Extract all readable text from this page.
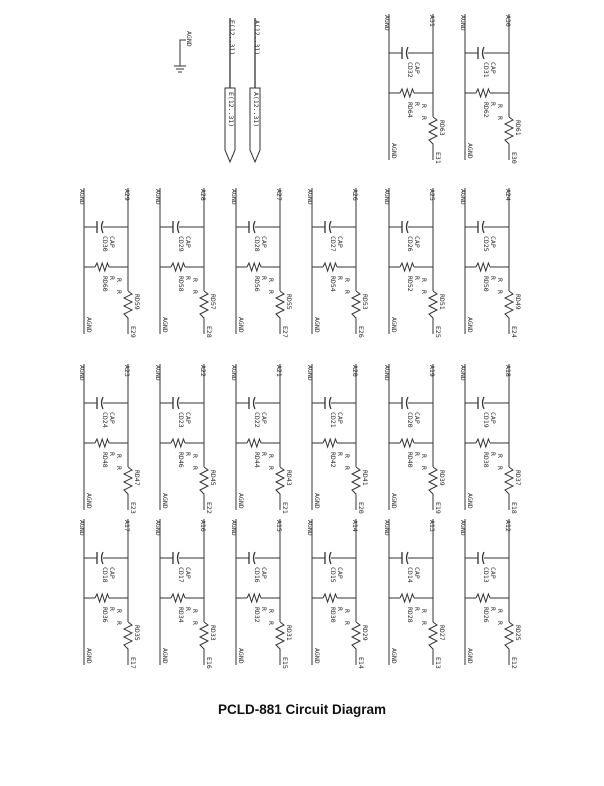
AGND	E(12..31)	A(12..31)
E(12..31)	A(12..31)
A30
E30
RD61
AGND
AGND
CD31 CAP
RD62 R
R
R
A31
E31
RD63
AGND
AGND
CD32 CAP
RD64 R
R
R
A24
E24
RD49
AGND
AGND
CD25 CAP
RD50 R
R
R
A25
E25
RD51
AGND
AGND
CD26 CAP
RD52 R
R
R
A26
E26
RD53
AGND
AGND
CD27 CAP
RD54 R
R
R
A27
E27
RD55
AGND
AGND
CD28 CAP
RD56 R
R
R
A28
E28
RD57
AGND
AGND
CD29 CAP
RD58 R
R
R
A29
E29
RD59
AGND
AGND
CD30 CAP
RD60 R
R
R
A18
E18
RD37
AGND
AGND
CD19 CAP
RD38 R
R
R
A19
E19
RD39
AGND
AGND
CD20 CAP
RD40 R
R
R
A20
E20
RD41
AGND
AGND
CD21 CAP
RD42 R
R
R
A21
E21
RD43
AGND
AGND
CD22 CAP
RD44 R
R
R
A22
E22
RD45
AGND
AGND
CD23 CAP
RD46 R
R
R
A23
E23
RD47
AGND
AGND
CD24 CAP
RD48 R
R
R
A12
E12
RD25
AGND
AGND
CD13 CAP
RD26 R
R
R
A13
E13
RD27
AGND
AGND
CD14 CAP
RD28 R
R
R
A14
E14
RD29
AGND
AGND
CD15 CAP
RD30 R
R
R
A15
E15
RD31
AGND
AGND
CD16 CAP
RD32 R
R
R
A16
E16
RD33
AGND
AGND
CD17 CAP
RD34 R
R
R
A17
E17
RD35
AGND
AGND
CD18 CAP
RD36 R
R
R
PCLD-881 Circuit Diagram
